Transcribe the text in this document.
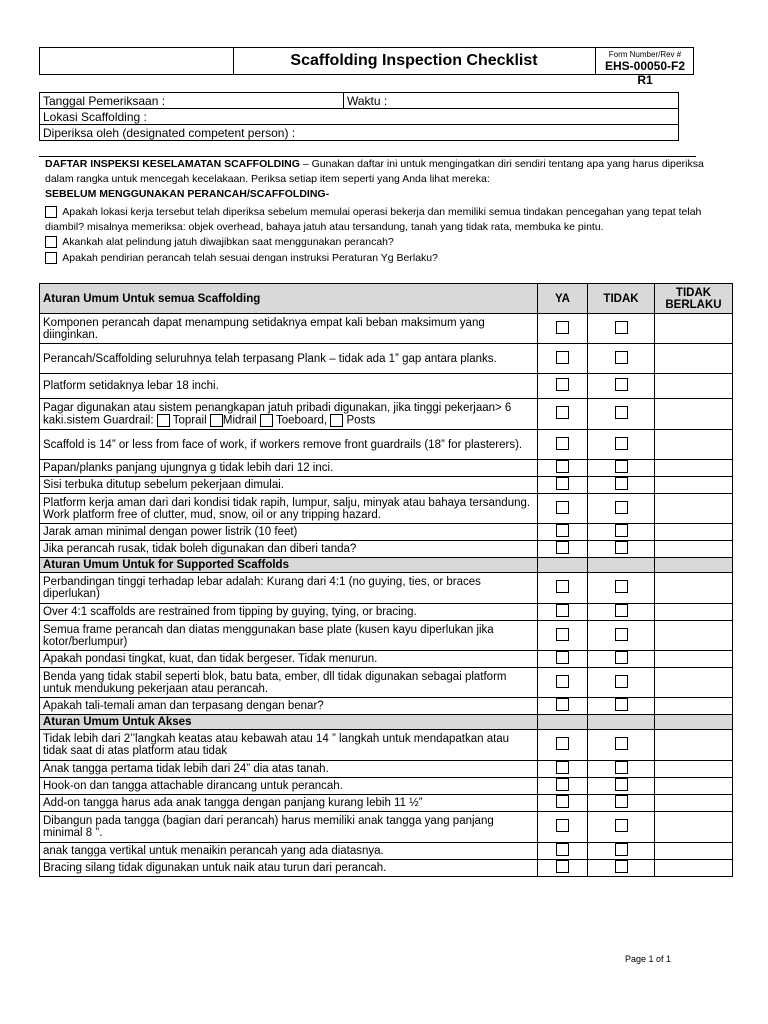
Scaffolding Inspection Checklist	Form Number/Rev #
EHS-00050-F2 R1
Tanggal Pemeriksaan :	Waktu :
Lokasi Scaffolding :
Diperiksa oleh (designated competent person) :
DAFTAR INSPEKSI KESELAMATAN SCAFFOLDING – Gunakan daftar ini untuk mengingatkan diri sendiri tentang apa yang harus diperiksa dalam rangka untuk mencegah kecelakaan. Periksa setiap item seperti yang Anda lihat mereka:
SEBELUM MENGGUNAKAN PERANCAH/SCAFFOLDING-
Apakah lokasi kerja tersebut telah diperiksa sebelum memulai operasi bekerja dan memiliki semua tindakan pencegahan yang tepat telah diambil? misalnya memeriksa: objek overhead, bahaya jatuh atau tersandung, tanah yang tidak rata, membuka ke pintu.
Akankah alat pelindung jatuh diwajibkan saat menggunakan perancah?
Apakah pendirian perancah telah sesuai dengan instruksi Peraturan Yg Berlaku?
Aturan Umum Untuk semua Scaffolding	YA	TIDAK	TIDAK BERLAKU
Komponen perancah dapat menampung setidaknya empat kali beban maksimum yang diinginkan.			
Perancah/Scaffolding seluruhnya telah terpasang Plank – tidak ada 1” gap antara planks.			
Platform setidaknya lebar 18 inchi.			
Pagar digunakan atau sistem penangkapan jatuh pribadi digunakan, jika tinggi pekerjaan> 6 kaki.sistem Guardrail: Toprail Midrail Toeboard, Posts			
Scaffold is 14” or less from face of work, if workers remove front guardrails (18” for plasterers).			
Papan/planks panjang ujungnya g tidak lebih dari 12 inci.			
Sisi terbuka ditutup sebelum pekerjaan dimulai.			
Platform kerja aman dari dari kondisi tidak rapih, lumpur, salju, minyak atau bahaya tersandung. Work platform free of clutter, mud, snow, oil or any tripping hazard.			
Jarak aman minimal dengan power listrik (10 feet)			
Jika perancah rusak, tidak boleh digunakan dan diberi tanda?			
Aturan Umum Untuk for Supported Scaffolds			
Perbandingan tinggi terhadap lebar adalah: Kurang dari 4:1 (no guying, ties, or braces diperlukan)			
Over 4:1 scaffolds are restrained from tipping by guying, tying, or bracing.			
Semua frame perancah dan diatas menggunakan base plate (kusen kayu diperlukan jika kotor/berlumpur)			
Apakah pondasi tingkat, kuat, dan tidak bergeser. Tidak menurun.			
Benda yang tidak stabil seperti blok, batu bata, ember, dll tidak digunakan sebagai platform untuk mendukung pekerjaan atau perancah.			
Apakah tali-temali aman dan terpasang dengan benar?			
Aturan Umum Untuk Akses			
Tidak lebih dari 2’’langkah keatas atau kebawah atau 14 ” langkah untuk mendapatkan atau tidak saat di atas platform atau tidak			
Anak tangga pertama tidak lebih dari 24” dia atas tanah.			
Hook-on dan tangga attachable dirancang untuk perancah.			
Add-on tangga harus ada anak tangga dengan panjang kurang lebih 11 ½”			
Dibangun pada tangga (bagian dari perancah) harus memiliki anak tangga yang panjang minimal 8 ”.			
anak tangga vertikal untuk menaikin perancah yang ada diatasnya.			
Bracing silang tidak digunakan untuk naik atau turun dari perancah.			
Page 1 of 1
